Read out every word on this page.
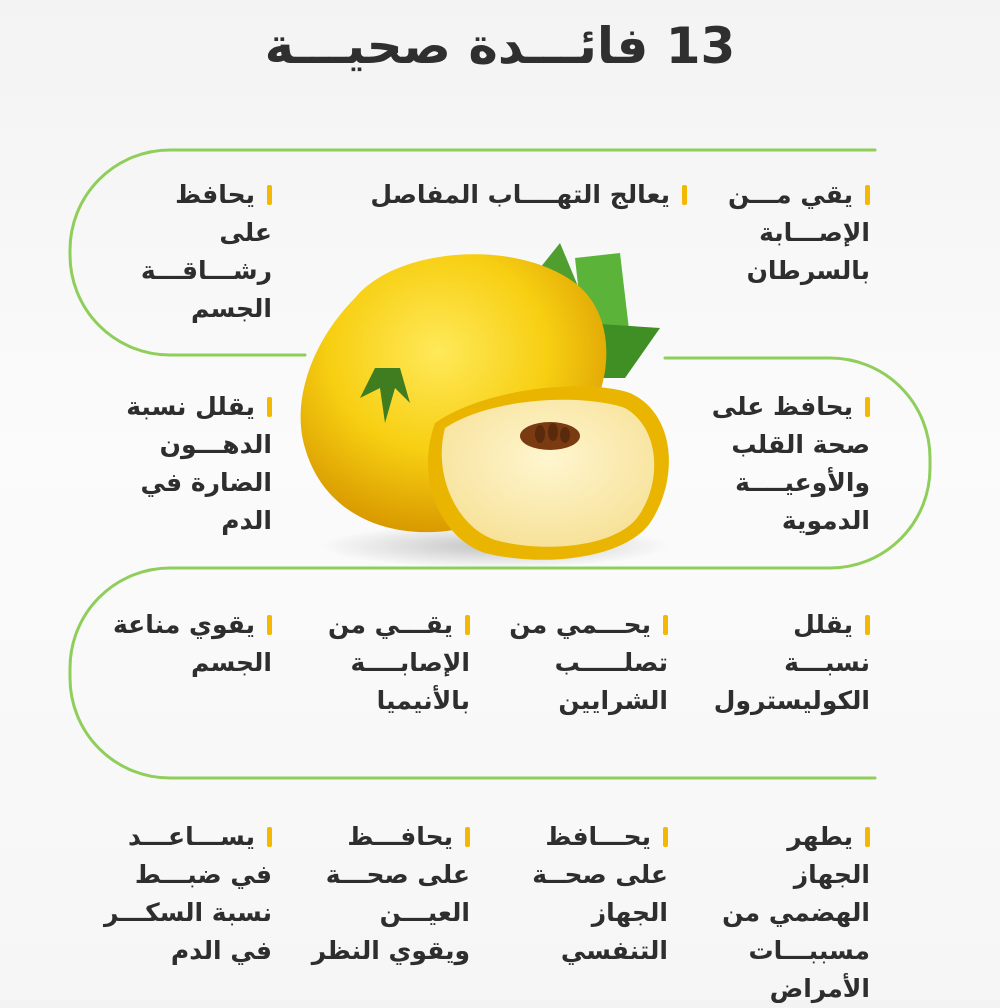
13 فائـــدة صحيـــة
يقي مـــن الإصـــابة بالسرطان
يعالج التهــــاب المفاصل
يحافظ على رشـــاقـــة الجسم
يحافظ على صحة القلب والأوعيــــة الدموية
يقلل نسبة الدهـــون الضارة في الدم
يقلل نسبـــة الكوليسترول
يحـــمي من تصلـــــب الشرايين
يقـــي من الإصابــــة بالأنيميا
يقوي مناعة الجسم
يطهر الجهاز الهضمي من مسببـــات الأمراض
يحـــافظ على صحــة الجهاز التنفسي
يحافـــظ على صحـــة العيـــن ويقوي النظر
يســـاعـــد في ضبـــط نسبة السكـــر في الدم
